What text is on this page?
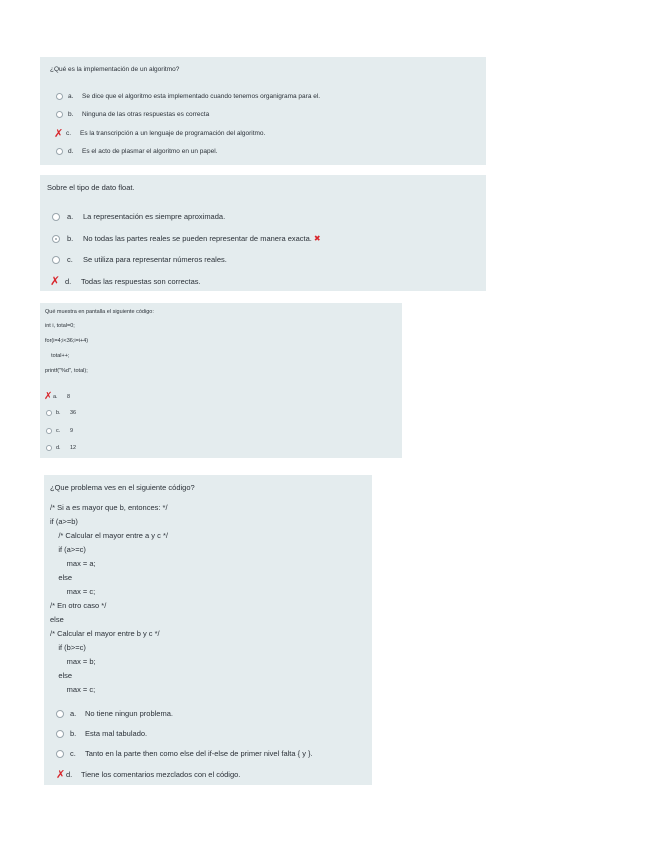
¿Qué es la implementación de un algoritmo?
a.	Se dice que el algoritmo esta implementado cuando tenemos organigrama para el.
b.	Ninguna de las otras respuestas es correcta
✗ c.	Es la transcripción a un lenguaje de programación del algoritmo.
d.	Es el acto de plasmar el algoritmo en un papel.
Sobre el tipo de dato float.
a.	La representación es siempre aproximada.
b.	No todas las partes reales se pueden representar de manera exacta. ✖
c.	Se utiliza para representar números reales.
✗ d.	Todas las respuestas son correctas.
Qué muestra en pantalla el siguiente código:
int i, total=0;
for(i=4;i<36;i=i+4)
total++;
printf("%d", total);
✗ a.	8
b.	36
c.	9
d.	12
¿Que problema ves en el siguiente código?
/* Si a es mayor que b, entonces: */
if (a>=b)
/* Calcular el mayor entre a y c */
if (a>=c)
max = a;
else
max = c;
/* En otro caso */
else
/* Calcular el mayor entre b y c */
if (b>=c)
max = b;
else
max = c;
a.	No tiene ningun problema.
b.	Esta mal tabulado.
c.	Tanto en la parte then como else del if-else de primer nivel falta { y }.
✗ d.	Tiene los comentarios mezclados con el código.
